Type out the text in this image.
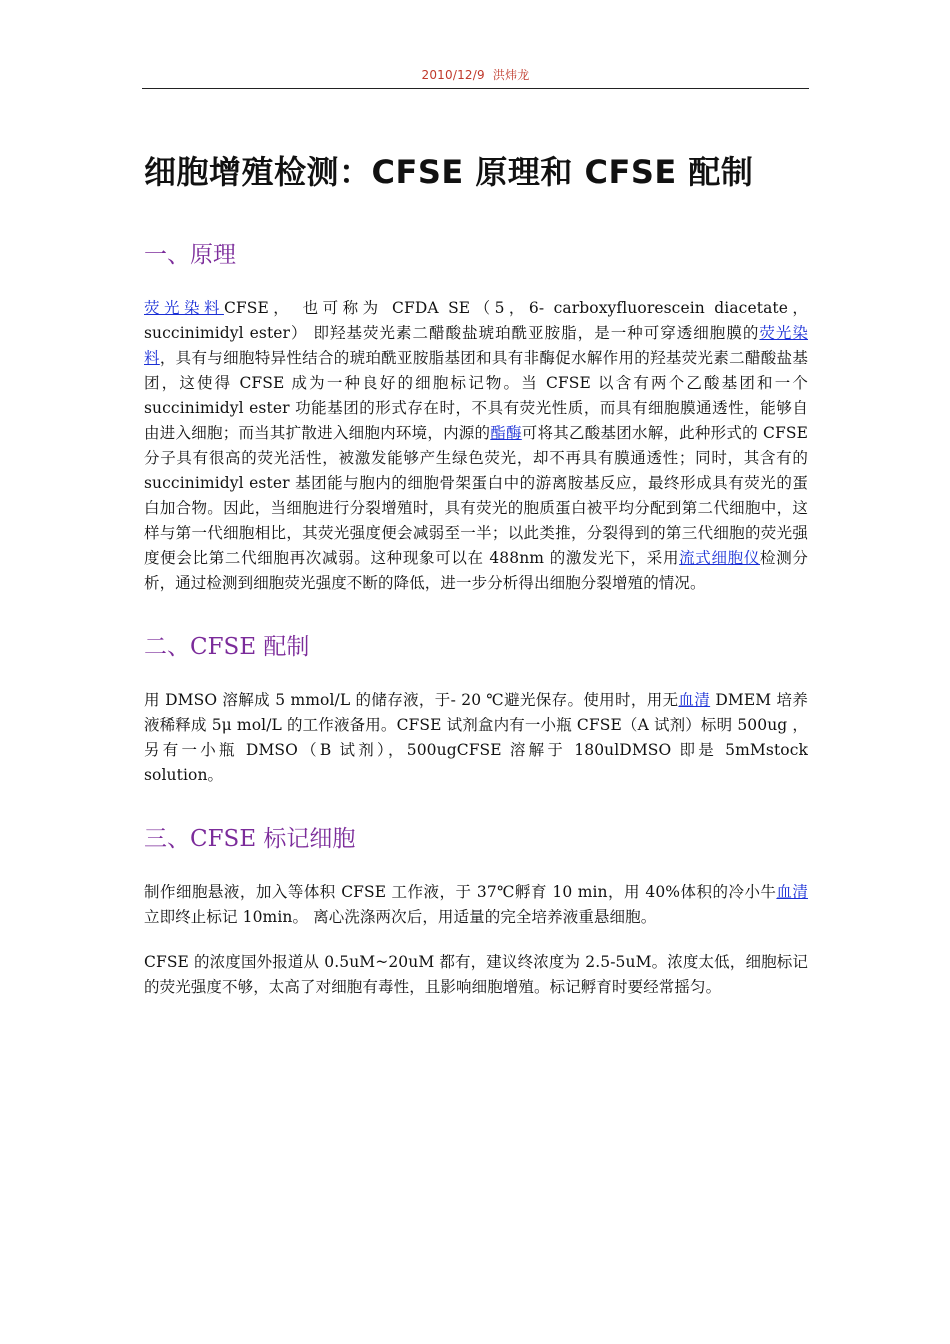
2010/12/9 洪炜龙
细胞增殖检测：CFSE 原理和 CFSE 配制
一、原理

荧光染料CFSE， 也可称为 CFDA SE（5，6- carboxyfluorescein diacetate，succinimidyl ester） 即羟基荧光素二醋酸盐琥珀酰亚胺脂，是一种可穿透细胞膜的荧光染料，具有与细胞特异性结合的琥珀酰亚胺脂基团和具有非酶促水解作用的羟基荧光素二醋酸盐基团，这使得 CFSE 成为一种良好的细胞标记物。当 CFSE 以含有两个乙酸基团和一个 succinimidyl ester 功能基团的形式存在时，不具有荧光性质，而具有细胞膜通透性，能够自由进入细胞；而当其扩散进入细胞内环境，内源的酯酶可将其乙酸基团水解，此种形式的 CFSE 分子具有很高的荧光活性，被激发能够产生绿色荧光，却不再具有膜通透性；同时，其含有的 succinimidyl ester 基团能与胞内的细胞骨架蛋白中的游离胺基反应，最终形成具有荧光的蛋白加合物。因此，当细胞进行分裂增殖时，具有荧光的胞质蛋白被平均分配到第二代细胞中，这样与第一代细胞相比，其荧光强度便会减弱至一半；以此类推，分裂得到的第三代细胞的荧光强度便会比第二代细胞再次减弱。这种现象可以在 488nm 的激发光下，采用流式细胞仪检测分析，通过检测到细胞荧光强度不断的降低，进一步分析得出细胞分裂增殖的情况。

二、CFSE 配制

用 DMSO 溶解成 5 mmol/L 的储存液，于- 20 ℃避光保存。使用时，用无血清 DMEM 培养液稀释成 5μ mol/L 的工作液备用。CFSE 试剂盒内有一小瓶 CFSE（A 试剂）标明 500ug ，另有一小瓶 DMSO（B 试剂），500ugCFSE 溶解于 180ulDMSO 即是 5mMstock solution。

三、CFSE 标记细胞

制作细胞悬液，加入等体积 CFSE 工作液，于 37℃孵育 10 min，用 40%体积的冷小牛血清立即终止标记 10min。 离心洗涤两次后，用适量的完全培养液重悬细胞。

CFSE 的浓度国外报道从 0.5uM~20uM 都有，建议终浓度为 2.5-5uM。浓度太低，细胞标记的荧光强度不够，太高了对细胞有毒性，且影响细胞增殖。标记孵育时要经常摇匀。
